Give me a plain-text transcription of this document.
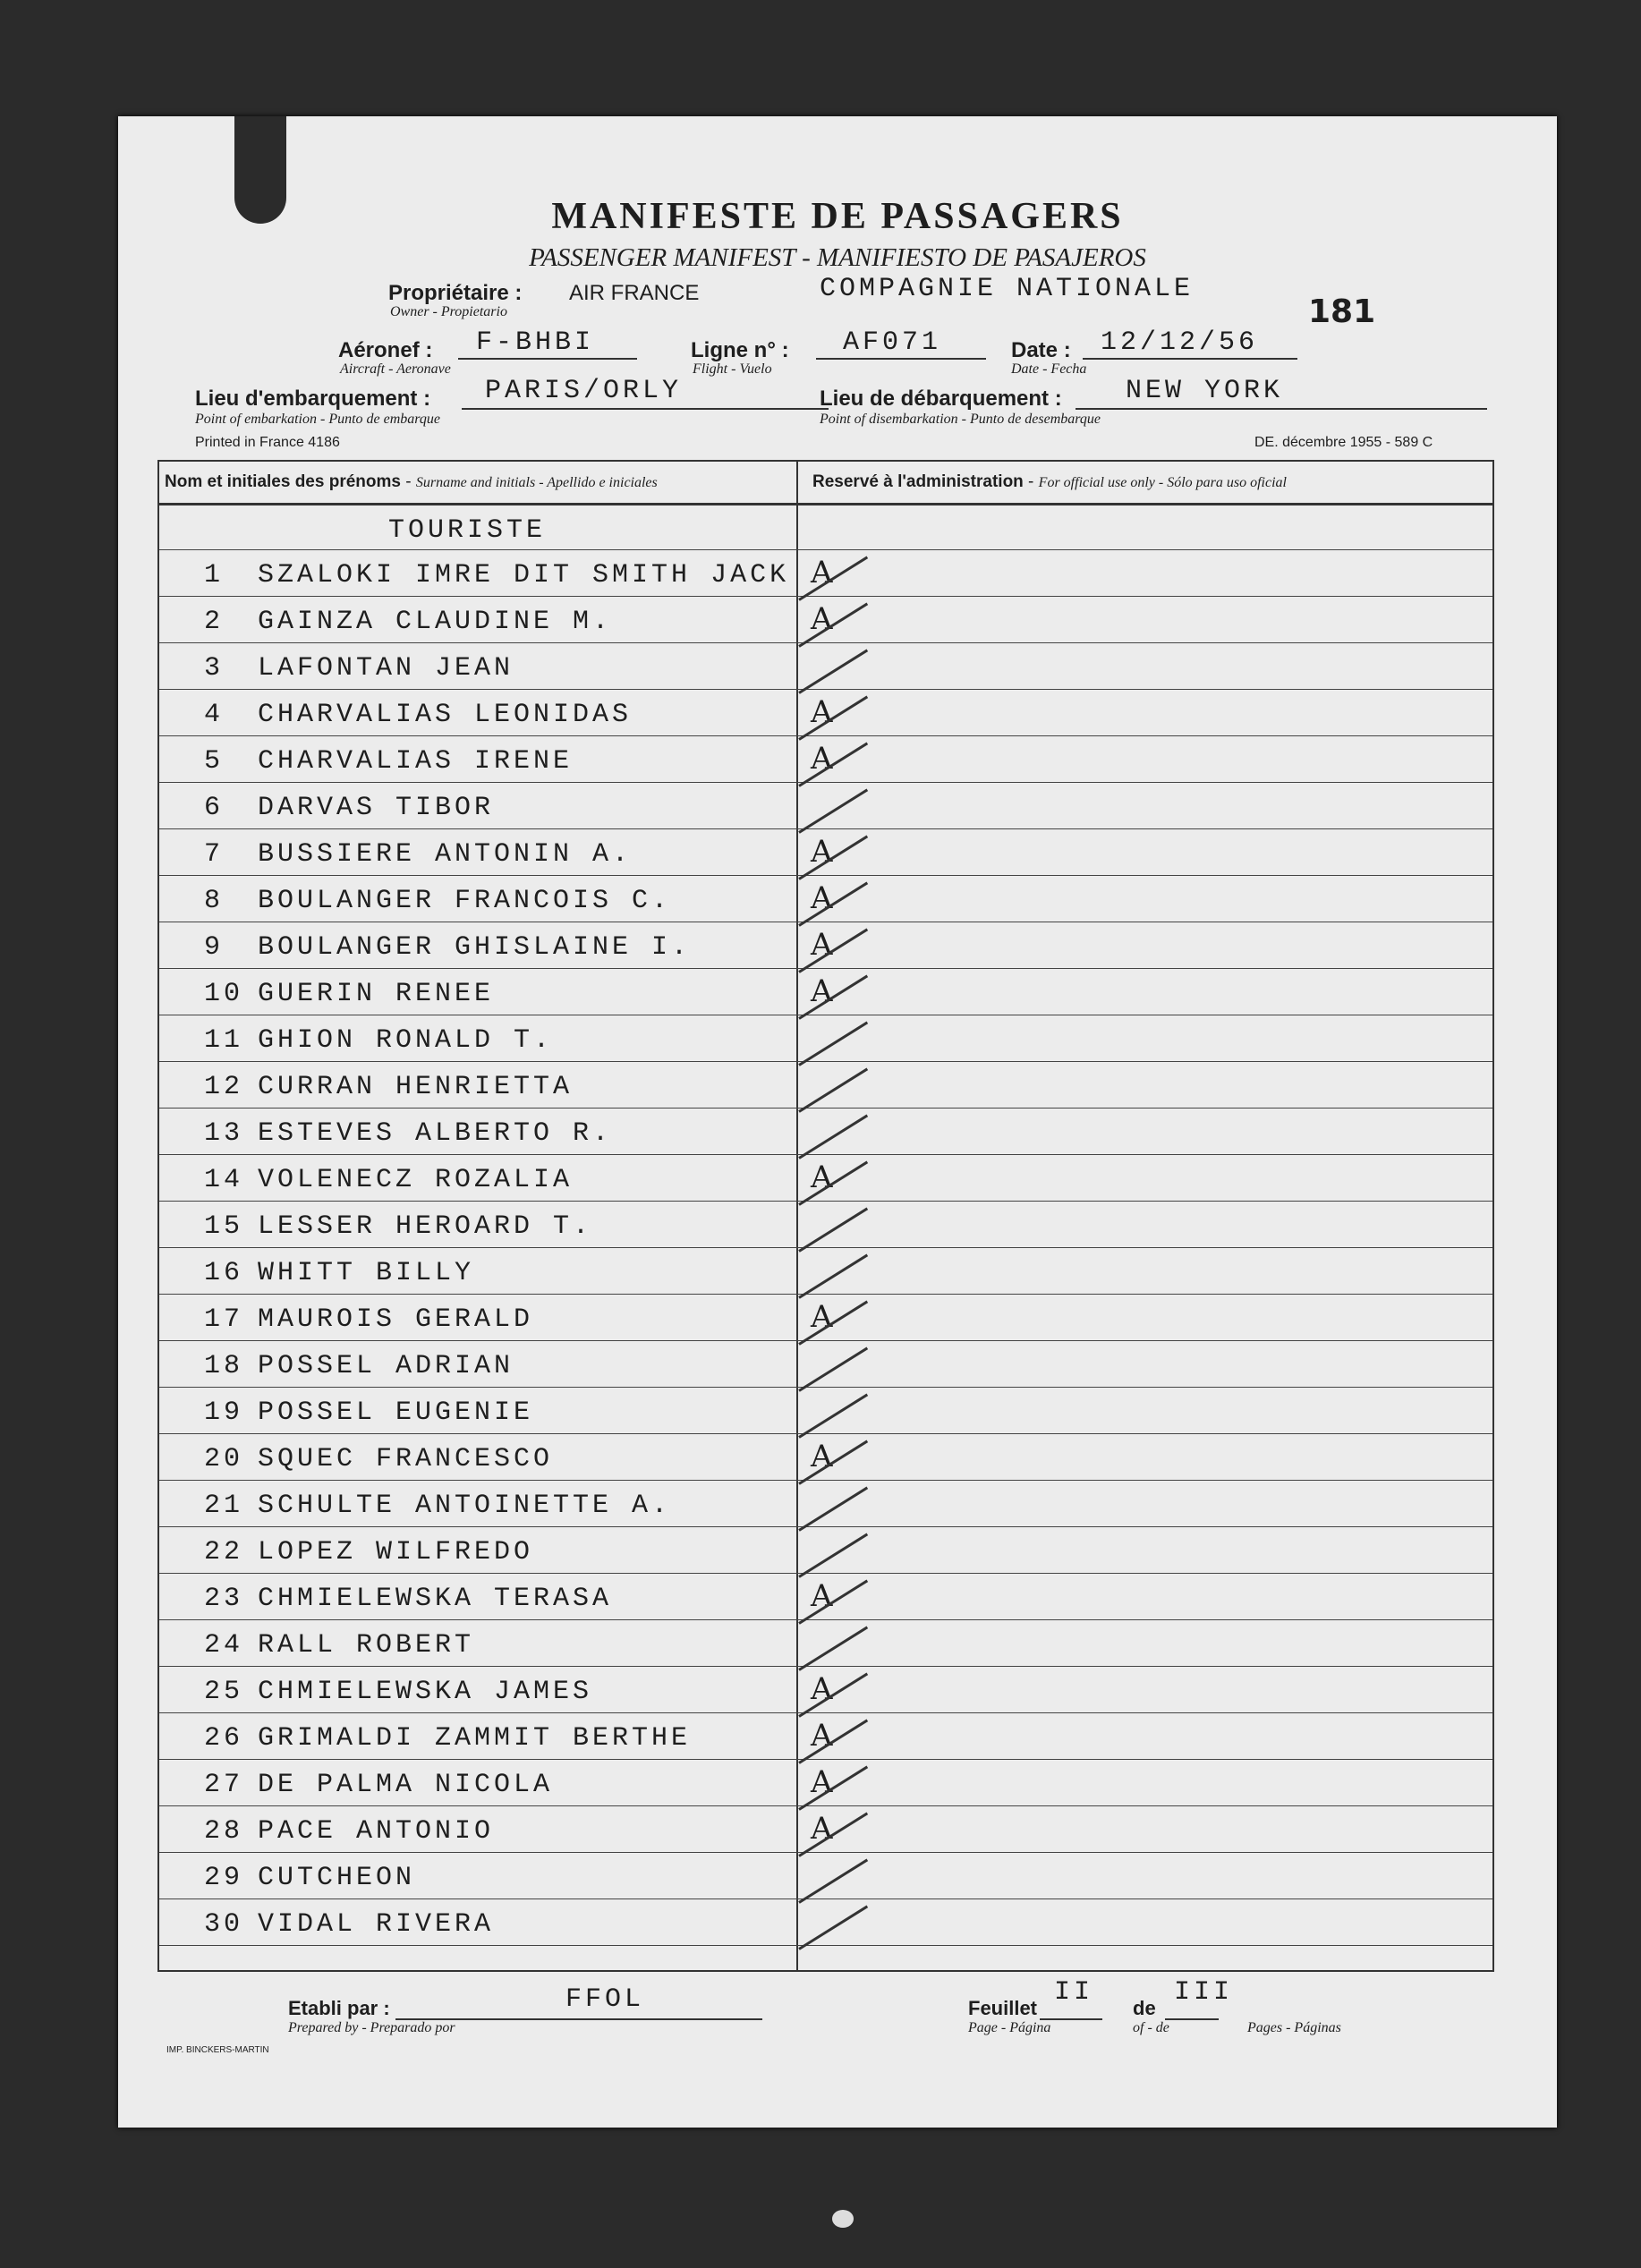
MANIFESTE DE PASSAGERS
PASSENGER MANIFEST - MANIFIESTO DE PASAJEROS
Propriétaire : AIR FRANCE
Owner - Propietario
COMPAGNIE NATIONALE
181
Aéronef : F-BHBI
Aircraft - Aeronave
Ligne n° : AF071
Flight - Vuelo
Date : 12/12/56
Date - Fecha
Lieu d'embarquement : PARIS/ORLY
Point of embarkation - Punto de embarque
Lieu de débarquement : NEW YORK
Point of disembarkation - Punto de desembarque
Printed in France 4186	DE. décembre 1955 - 589 C
Nom et initiales des prénoms - Surname and initials - Apellido e iniciales	Reservé à l'administration - For official use only - Sólo para uso oficial
TOURISTE
1 SZALOKI IMRE DIT SMITH JACK A
2 GAINZA CLAUDINE M.	A
3 LAFONTAN JEAN
4 CHARVALIAS LEONIDAS	A
5 CHARVALIAS IRENE	A
6 DARVAS TIBOR
7 BUSSIERE ANTONIN A.	A
8 BOULANGER FRANCOIS C.	A
9 BOULANGER GHISLAINE I.	A
10 GUERIN RENEE	A
11 GHION RONALD T.
12 CURRAN HENRIETTA
13 ESTEVES ALBERTO R.
14 VOLENECZ ROZALIA	A
15 LESSER HEROARD T.
16 WHITT BILLY
17 MAUROIS GERALD	A
18 POSSEL ADRIAN
19 POSSEL EUGENIE
20 SQUEC FRANCESCO	A
21 SCHULTE ANTOINETTE A.
22 LOPEZ WILFREDO
23 CHMIELEWSKA TERASA	A
24 RALL ROBERT
25 CHMIELEWSKA JAMES	A
26 GRIMALDI ZAMMIT BERTHE	A
27 DE PALMA NICOLA	A
28 PACE ANTONIO	A
29 CUTCHEON
30 VIDAL RIVERA
Etabli par :
Prepared by - Preparado por
FFOL	Feuillet
Page - Página
II
de
of - de
III
Pages - Páginas
IMP. BINCKERS-MARTIN
